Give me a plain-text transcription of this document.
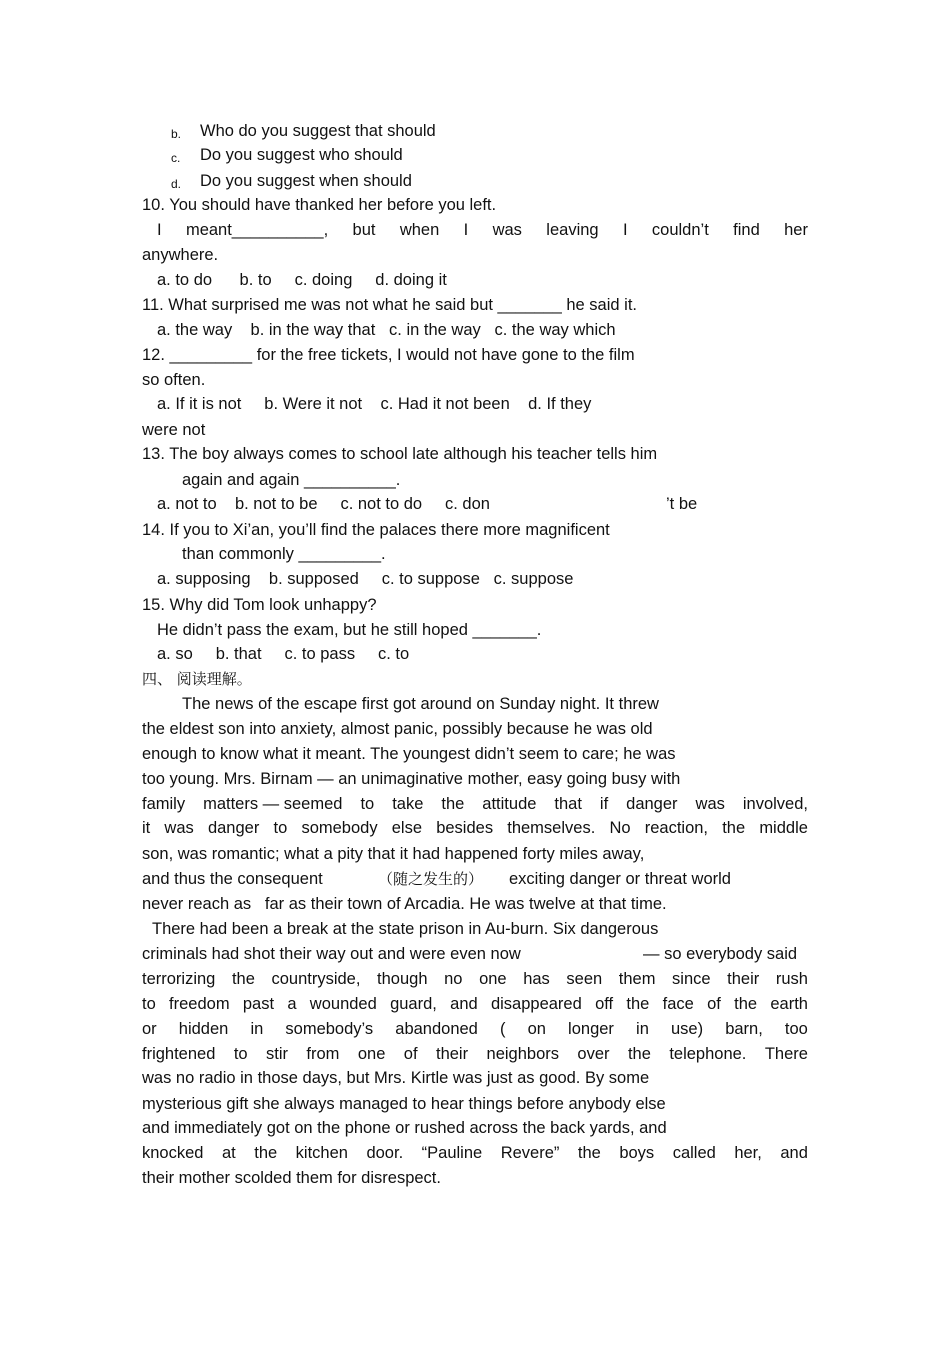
b. Who do you suggest that should
c. Do you suggest who should
d. Do you suggest when should
10. You should have thanked her before you left.
I meant__________, but when I was leaving I couldn’t find her
anywhere.
a. to do      b. to     c. doing     d. doing it
11. What surprised me was not what he said but _______ he said it.
a. the way    b. in the way that   c. in the way   c. the way which
12. _________ for the free tickets, I would not have gone to the film
so often.
a. If it is not     b. Were it not    c. Had it not been    d. If they
were not
13. The boy always comes to school late although his teacher tells him
again and again __________.
a. not to    b. not to be     c. not to do     c. don	’t be
14. If you to Xi’an, you’ll find the palaces there more magnificent
than commonly _________.
a. supposing    b. supposed     c. to suppose   c. suppose
15. Why did Tom look unhappy?
He didn’t pass the exam, but he still hoped _______.
a. so     b. that     c. to pass     c. to
四、 阅读理解。
The news of the escape first got around on Sunday night. It threw
the eldest son into anxiety, almost panic, possibly because he was old
enough to know what it meant. The youngest didn’t seem to care; he was
too young. Mrs. Birnam — an unimaginative mother, easy going busy with
family matters — seemed to take the attitude that if danger was involved,
it was danger to somebody else besides themselves. No reaction, the middle
son, was romantic; what a pity that it had happened forty miles away,
and thus the consequent	（随之发生的） exciting danger or threat world
never reach as   far as their town of Arcadia. He was twelve at that time.
There had been a break at the state prison in Au-burn. Six dangerous
criminals had shot their way out and were even now	— so everybody said
terrorizing the countryside, though no one has seen them since their rush
to freedom past a wounded guard, and disappeared off the face of the earth
or hidden in somebody’s abandoned ( on longer in use) barn, too
frightened to stir from one of their neighbors over the telephone. There
was no radio in those days, but Mrs. Kirtle was just as good. By some
mysterious gift she always managed to hear things before anybody else
and immediately got on the phone or rushed across the back yards, and
knocked at the kitchen door. “Pauline Revere” the boys called her, and
their mother scolded them for disrespect.
